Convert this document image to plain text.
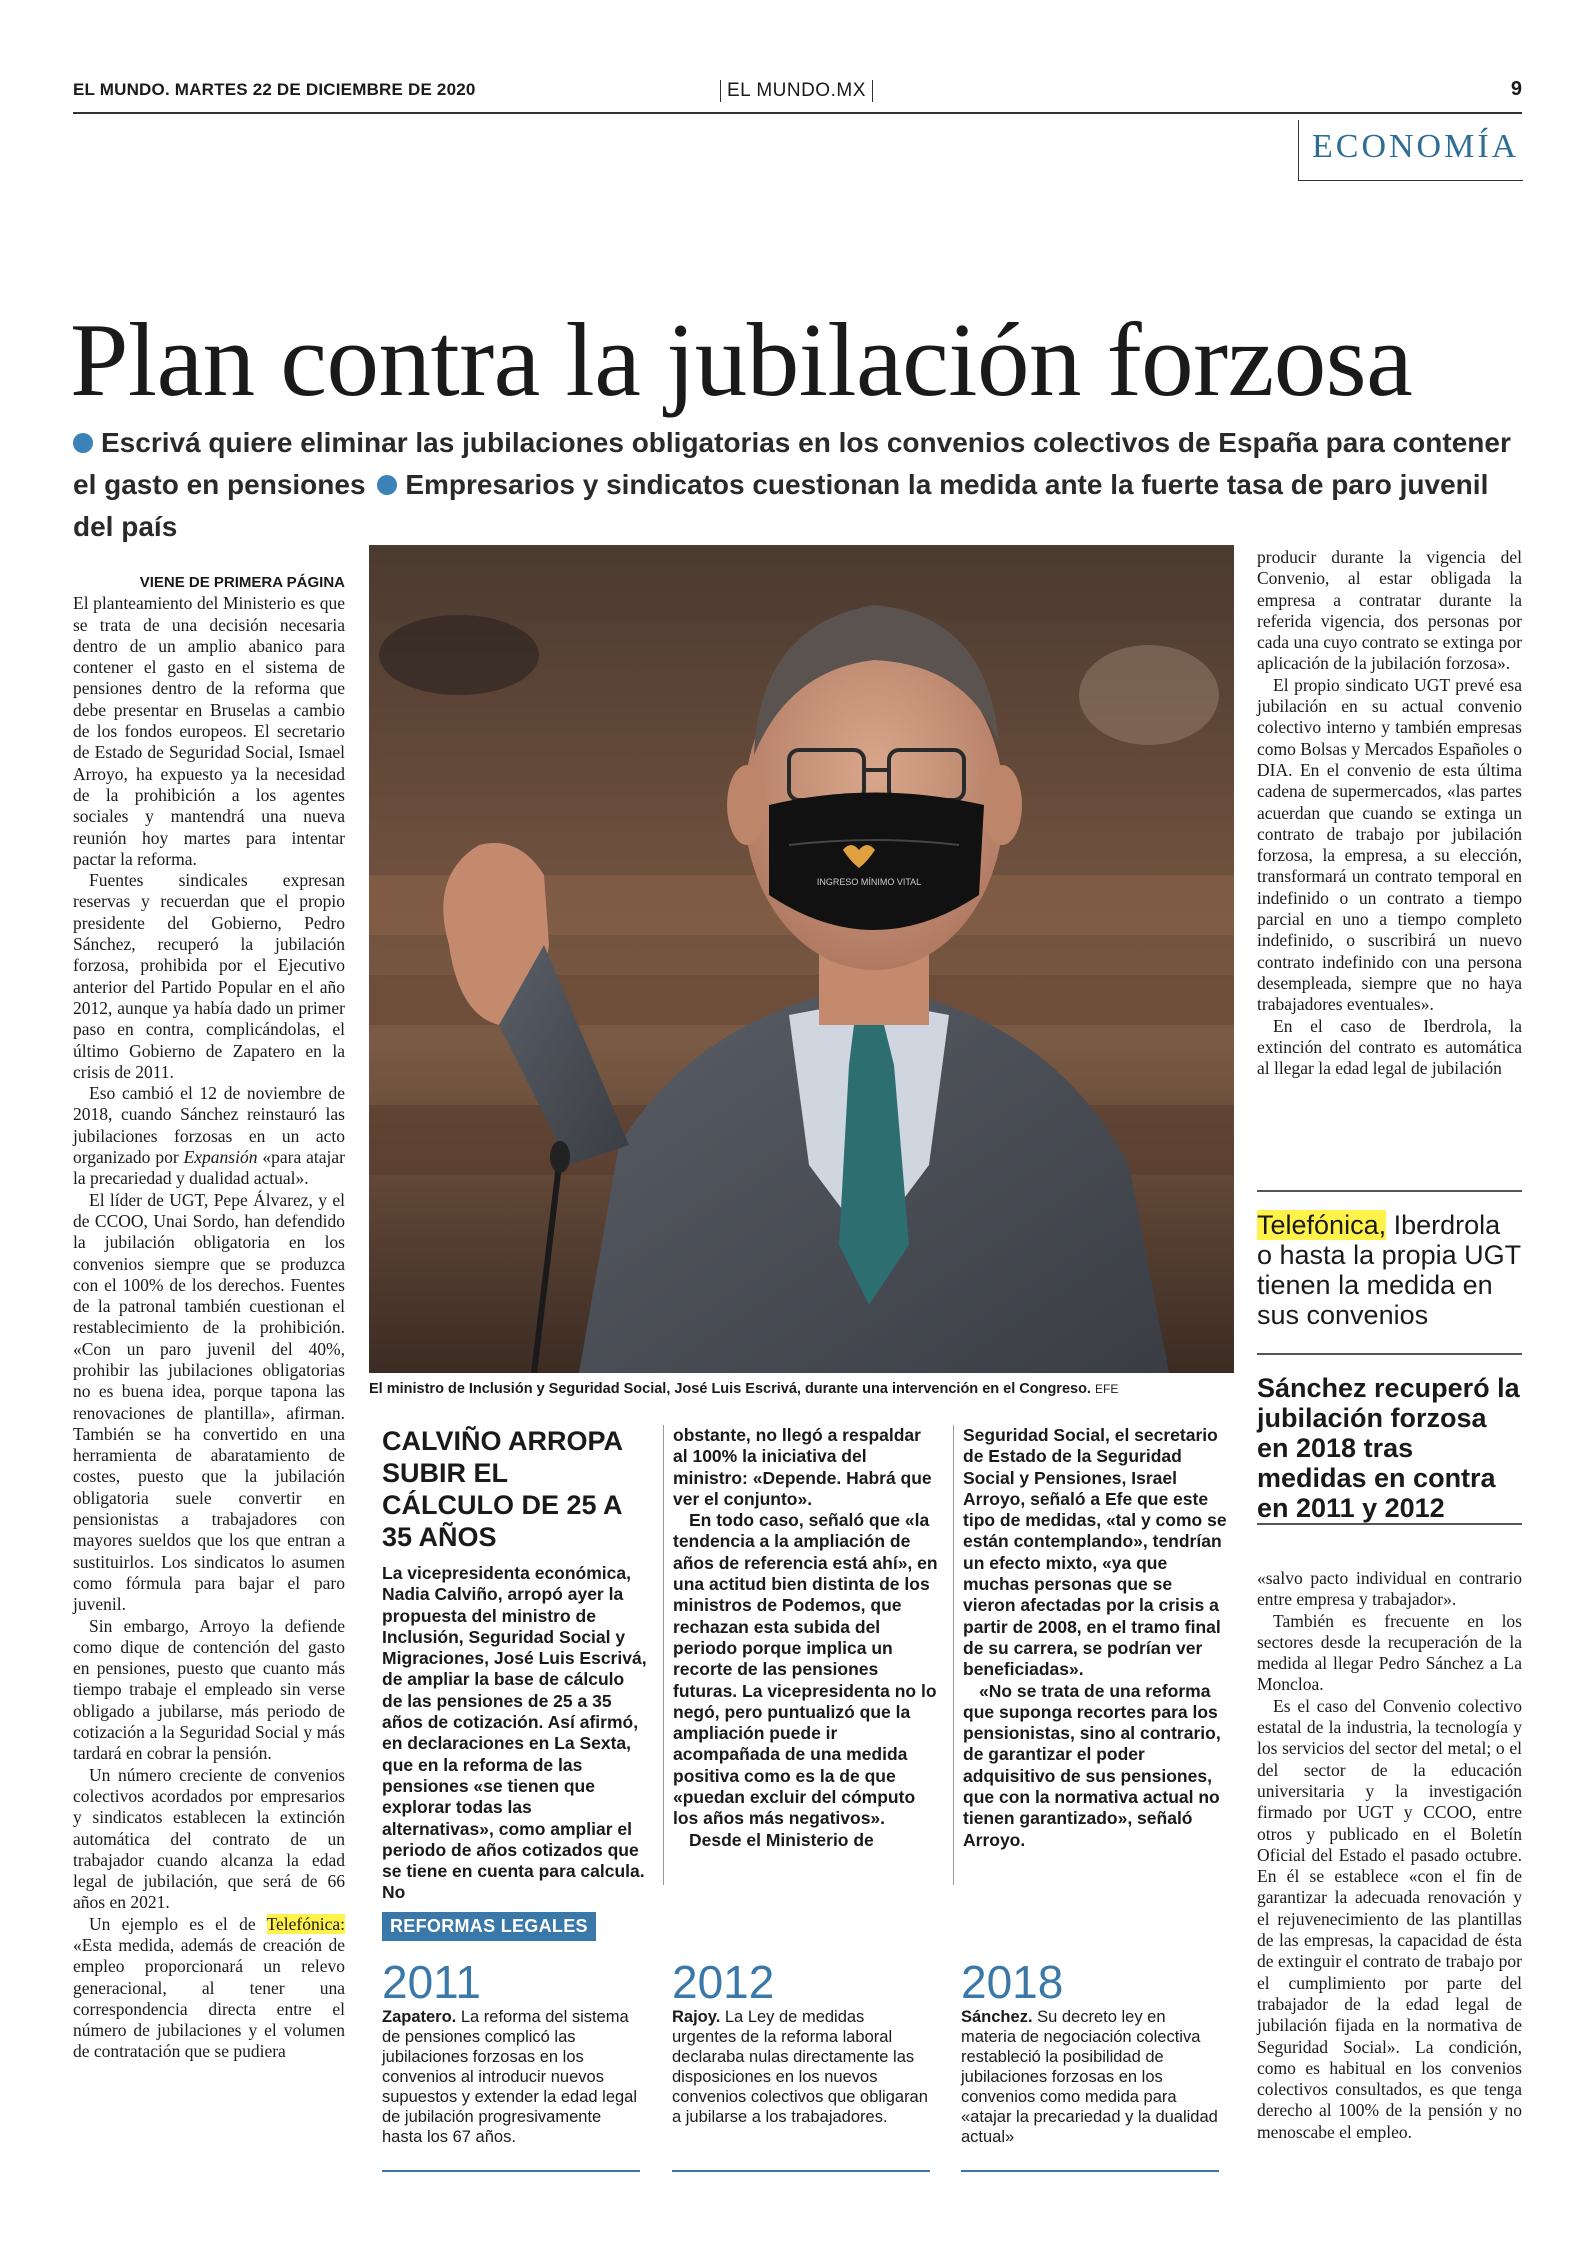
EL MUNDO. MARTES 22 DE DICIEMBRE DE 2020	EL MUNDO.MX	9
ECONOMÍA
Plan contra la jubilación forzosa
Escrivá quiere eliminar las jubilaciones obligatorias en los convenios colectivos de España para contener el gasto en pensiones Empresarios y sindicatos cuestionan la medida ante la fuerte tasa de paro juvenil del país
VIENE DE PRIMERA PÁGINA

El planteamiento del Ministerio es que se trata de una decisión necesaria dentro de un amplio abanico para contener el gasto en el sistema de pensiones dentro de la reforma que debe presentar en Bruselas a cambio de los fondos europeos. El secretario de Estado de Seguridad Social, Ismael Arroyo, ha expuesto ya la necesidad de la prohibición a los agentes sociales y mantendrá una nueva reunión hoy martes para intentar pactar la reforma.

Fuentes sindicales expresan reservas y recuerdan que el propio presidente del Gobierno, Pedro Sánchez, recuperó la jubilación forzosa, prohibida por el Ejecutivo anterior del Partido Popular en el año 2012, aunque ya había dado un primer paso en contra, complicándolas, el último Gobierno de Zapatero en la crisis de 2011.

Eso cambió el 12 de noviembre de 2018, cuando Sánchez reinstauró las jubilaciones forzosas en un acto organizado por Expansión «para atajar la precariedad y dualidad actual».

El líder de UGT, Pepe Álvarez, y el de CCOO, Unai Sordo, han defendido la jubilación obligatoria en los convenios siempre que se produzca con el 100% de los derechos. Fuentes de la patronal también cuestionan el restablecimiento de la prohibición. «Con un paro juvenil del 40%, prohibir las jubilaciones obligatorias no es buena idea, porque tapona las renovaciones de plantilla», afirman. También se ha convertido en una herramienta de abaratamiento de costes, puesto que la jubilación obligatoria suele convertir en pensionistas a trabajadores con mayores sueldos que los que entran a sustituirlos. Los sindicatos lo asumen como fórmula para bajar el paro juvenil.

Sin embargo, Arroyo la defiende como dique de contención del gasto en pensiones, puesto que cuanto más tiempo trabaje el empleado sin verse obligado a jubilarse, más periodo de cotización a la Seguridad Social y más tardará en cobrar la pensión.

Un número creciente de convenios colectivos acordados por empresarios y sindicatos establecen la extinción automática del contrato de un trabajador cuando alcanza la edad legal de jubilación, que será de 66 años en 2021.

Un ejemplo es el de Telefónica: «Esta medida, además de creación de empleo proporcionará un relevo generacional, al tener una correspondencia directa entre el número de jubilaciones y el volumen de contratación que se pudiera

INGRESO MÍNIMO VITAL
El ministro de Inclusión y Seguridad Social, José Luis Escrivá, durante una intervención en el Congreso. EFE

producir durante la vigencia del Convenio, al estar obligada la empresa a contratar durante la referida vigencia, dos personas por cada una cuyo contrato se extinga por aplicación de la jubilación forzosa».

El propio sindicato UGT prevé esa jubilación en su actual convenio colectivo interno y también empresas como Bolsas y Mercados Españoles o DIA. En el convenio de esta última cadena de supermercados, «las partes acuerdan que cuando se extinga un contrato de trabajo por jubilación forzosa, la empresa, a su elección, transformará un contrato temporal en indefinido o un contrato a tiempo parcial en uno a tiempo completo indefinido, o suscribirá un nuevo contrato indefinido con una persona desempleada, siempre que no haya trabajadores eventuales».

En el caso de Iberdrola, la extinción del contrato es automática al llegar la edad legal de jubilación

Telefónica, Iberdrola o hasta la propia UGT tienen la medida en sus convenios
Sánchez recuperó la jubilación forzosa en 2018 tras medidas en contra en 2011 y 2012

«salvo pacto individual en contrario entre empresa y trabajador».

También es frecuente en los sectores desde la recuperación de la medida al llegar Pedro Sánchez a La Moncloa.

Es el caso del Convenio colectivo estatal de la industria, la tecnología y los servicios del sector del metal; o el del sector de la educación universitaria y la investigación firmado por UGT y CCOO, entre otros y publicado en el Boletín Oficial del Estado el pasado octubre. En él se establece «con el fin de garantizar la adecuada renovación y el rejuvenecimiento de las plantillas de las empresas, la capacidad de ésta de extinguir el contrato de trabajo por el cumplimiento por parte del trabajador de la edad legal de jubilación fijada en la normativa de Seguridad Social». La condición, como es habitual en los convenios colectivos consultados, es que tenga derecho al 100% de la pensión y no menoscabe el empleo.

CALVIÑO ARROPA SUBIR EL CÁLCULO DE 25 A 35 AÑOS

La vicepresidenta económica, Nadia Calviño, arropó ayer la propuesta del ministro de Inclusión, Seguridad Social y Migraciones, José Luis Escrivá, de ampliar la base de cálculo de las pensiones de 25 a 35 años de cotización. Así afirmó, en declaraciones en La Sexta, que en la reforma de las pensiones «se tienen que explorar todas las alternativas», como ampliar el periodo de años cotizados que se tiene en cuenta para calcula. No

obstante, no llegó a respaldar al 100% la iniciativa del ministro: «Depende. Habrá que ver el conjunto».

En todo caso, señaló que «la tendencia a la ampliación de años de referencia está ahí», en una actitud bien distinta de los ministros de Podemos, que rechazan esta subida del periodo porque implica un recorte de las pensiones futuras. La vicepresidenta no lo negó, pero puntualizó que la ampliación puede ir acompañada de una medida positiva como es la de que «puedan excluir del cómputo los años más negativos».

Desde el Ministerio de

Seguridad Social, el secretario de Estado de la Seguridad Social y Pensiones, Israel Arroyo, señaló a Efe que este tipo de medidas, «tal y como se están contemplando», tendrían un efecto mixto, «ya que muchas personas que se vieron afectadas por la crisis a partir de 2008, en el tramo final de su carrera, se podrían ver beneficiadas».

«No se trata de una reforma que suponga recortes para los pensionistas, sino al contrario, de garantizar el poder adquisitivo de sus pensiones, que con la normativa actual no tienen garantizado», señaló Arroyo.

REFORMAS LEGALES
2011
Zapatero. La reforma del sistema de pensiones complicó las jubilaciones forzosas en los convenios al introducir nuevos supuestos y extender la edad legal de jubilación progresivamente hasta los 67 años.
2012
Rajoy. La Ley de medidas urgentes de la reforma laboral declaraba nulas directamente las disposiciones en los nuevos convenios colectivos que obligaran a jubilarse a los trabajadores.
2018
Sánchez. Su decreto ley en materia de negociación colectiva restableció la posibilidad de jubilaciones forzosas en los convenios como medida para «atajar la precariedad y la dualidad actual»
